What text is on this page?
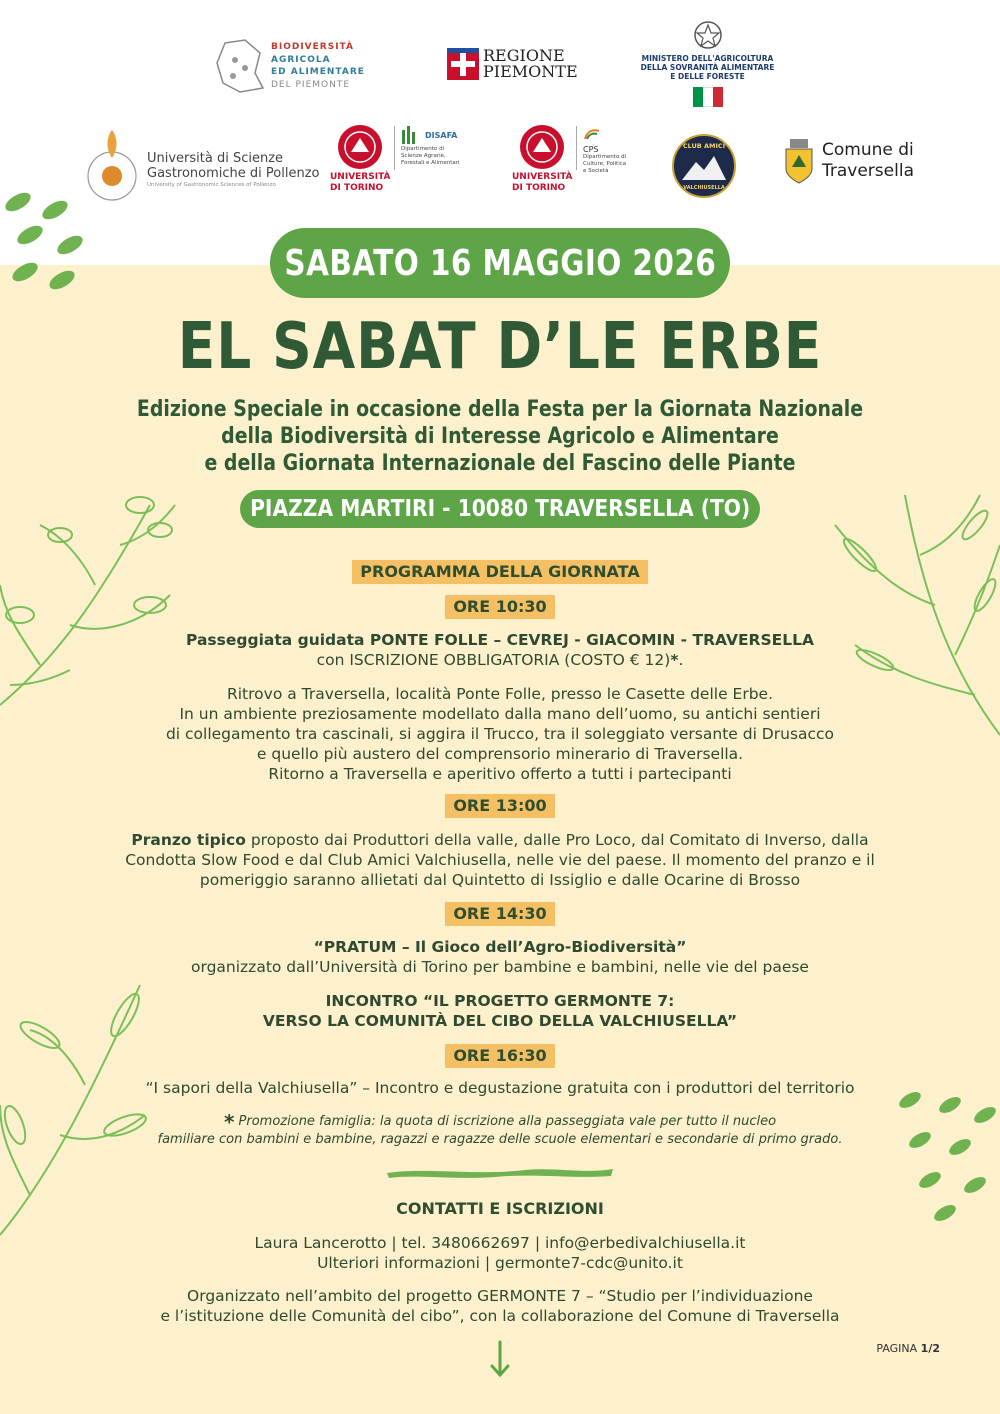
BIODIVERSITÀ
AGRICOLA
ED ALIMENTARE
DEL PIEMONTE
REGIONE
PIEMONTE
MINISTERO DELL'AGRICOLTURA
DELLA SOVRANITÀ ALIMENTARE
E DELLE FORESTE
Università di Scienze
Gastronomiche di Pollenzo
University of Gastronomic Sciences of Pollenzo
UNIVERSITÀ
DI TORINO
DISAFA
Dipartimento di
Scienze Agrarie,
Forestali e Alimentari
UNIVERSITÀ
DI TORINO
CPS
Dipartimento di
Culture, Politica
e Società
CLUB AMICI
VALCHIUSELLA
Comune di
Traversella
SABATO 16 MAGGIO 2026
EL SABAT D’LE ERBE
Edizione Speciale in occasione della Festa per la Giornata Nazionale
della Biodiversità di Interesse Agricolo e Alimentare
e della Giornata Internazionale del Fascino delle Piante
PIAZZA MARTIRI - 10080 TRAVERSELLA (TO)
PROGRAMMA DELLA GIORNATA
ORE 10:30
Passeggiata guidata PONTE FOLLE – CEVREJ - GIACOMIN - TRAVERSELLA
con ISCRIZIONE OBBLIGATORIA (COSTO € 12)*.
Ritrovo a Traversella, località Ponte Folle, presso le Casette delle Erbe.
In un ambiente preziosamente modellato dalla mano dell’uomo, su antichi sentieri
di collegamento tra cascinali, si aggira il Trucco, tra il soleggiato versante di Drusacco
e quello più austero del comprensorio minerario di Traversella.
Ritorno a Traversella e aperitivo offerto a tutti i partecipanti
ORE 13:00
Pranzo tipico proposto dai Produttori della valle, dalle Pro Loco, dal Comitato di Inverso, dalla
Condotta Slow Food e dal Club Amici Valchiusella, nelle vie del paese. Il momento del pranzo e il
pomeriggio saranno allietati dal Quintetto di Issiglio e dalle Ocarine di Brosso
ORE 14:30
“PRATUM – Il Gioco dell’Agro-Biodiversità”
organizzato dall’Università di Torino per bambine e bambini, nelle vie del paese
INCONTRO “IL PROGETTO GERMONTE 7:
VERSO LA COMUNITÀ DEL CIBO DELLA VALCHIUSELLA”
ORE 16:30
“I sapori della Valchiusella” – Incontro e degustazione gratuita con i produttori del territorio
* Promozione famiglia: la quota di iscrizione alla passeggiata vale per tutto il nucleo
familiare con bambini e bambine, ragazzi e ragazze delle scuole elementari e secondarie di primo grado.
CONTATTI E ISCRIZIONI
Laura Lancerotto | tel. 3480662697 | info@erbedivalchiusella.it
Ulteriori informazioni | germonte7-cdc@unito.it
Organizzato nell’ambito del progetto GERMONTE 7 – “Studio per l’individuazione
e l’istituzione delle Comunità del cibo”, con la collaborazione del Comune di Traversella
PAGINA 1/2
